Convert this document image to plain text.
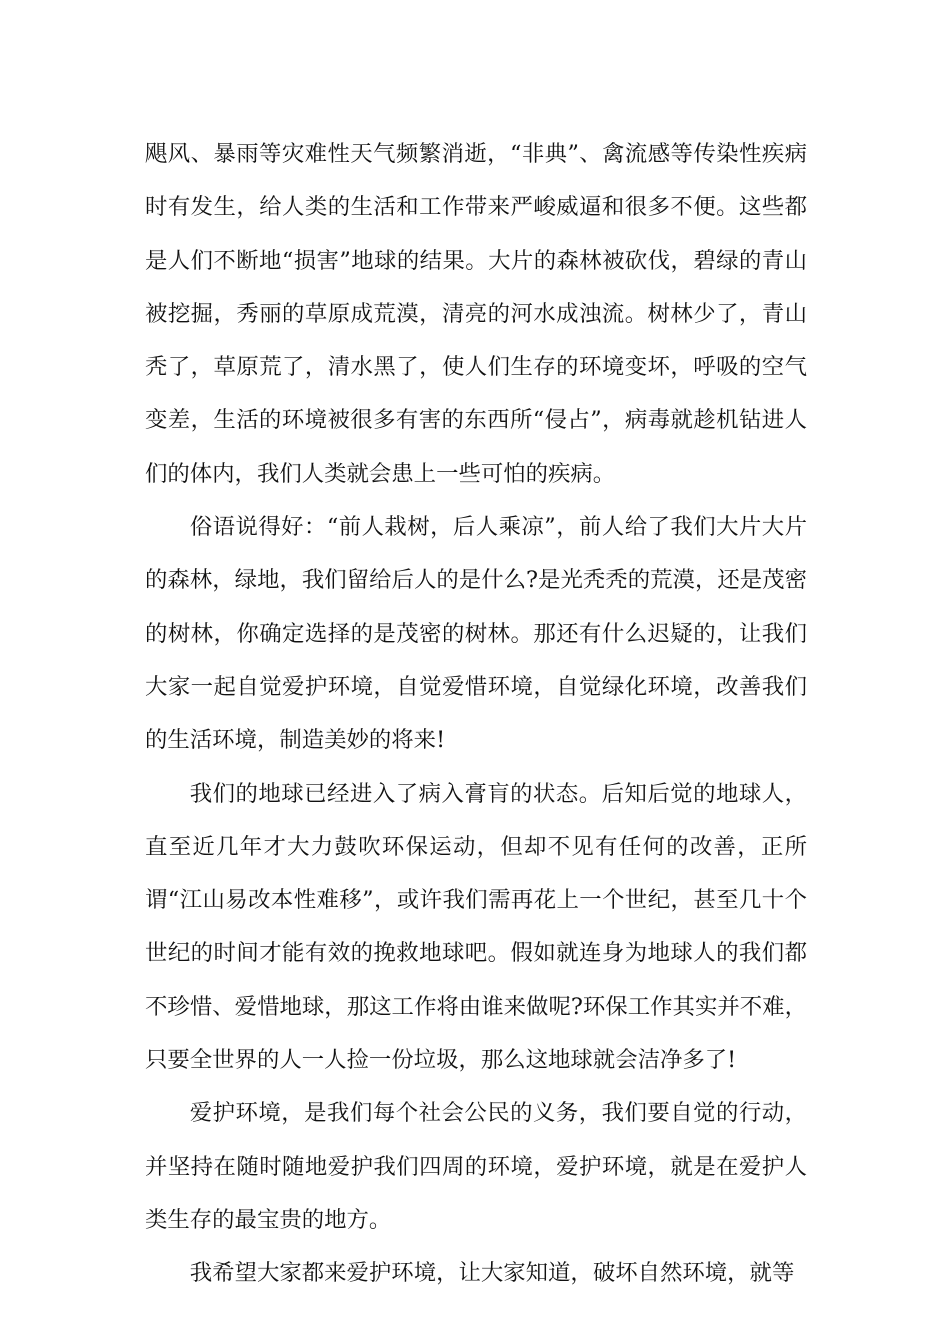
飓风、暴雨等灾难性天气频繁消逝，“非典”、禽流感等传染性疾病时有发生，给人类的生活和工作带来严峻威逼和很多不便。这些都是人们不断地“损害”地球的结果。大片的森林被砍伐，碧绿的青山被挖掘，秀丽的草原成荒漠，清亮的河水成浊流。树林少了，青山秃了，草原荒了，清水黑了，使人们生存的环境变坏，呼吸的空气变差，生活的环境被很多有害的东西所“侵占”，病毒就趁机钻进人们的体内，我们人类就会患上一些可怕的疾病。

俗语说得好：“前人栽树，后人乘凉”，前人给了我们大片大片的森林，绿地，我们留给后人的是什么?是光秃秃的荒漠，还是茂密的树林，你确定选择的是茂密的树林。那还有什么迟疑的，让我们大家一起自觉爱护环境，自觉爱惜环境，自觉绿化环境，改善我们的生活环境，制造美妙的将来!

我们的地球已经进入了病入膏肓的状态。后知后觉的地球人，直至近几年才大力鼓吹环保运动，但却不见有任何的改善，正所谓“江山易改本性难移”，或许我们需再花上一个世纪，甚至几十个世纪的时间才能有效的挽救地球吧。假如就连身为地球人的我们都不珍惜、爱惜地球，那这工作将由谁来做呢?环保工作其实并不难，只要全世界的人一人捡一份垃圾，那么这地球就会洁净多了!

爱护环境，是我们每个社会公民的义务，我们要自觉的行动，并坚持在随时随地爱护我们四周的环境，爱护环境，就是在爱护人类生存的最宝贵的地方。

我希望大家都来爱护环境，让大家知道，破坏自然环境，就等
